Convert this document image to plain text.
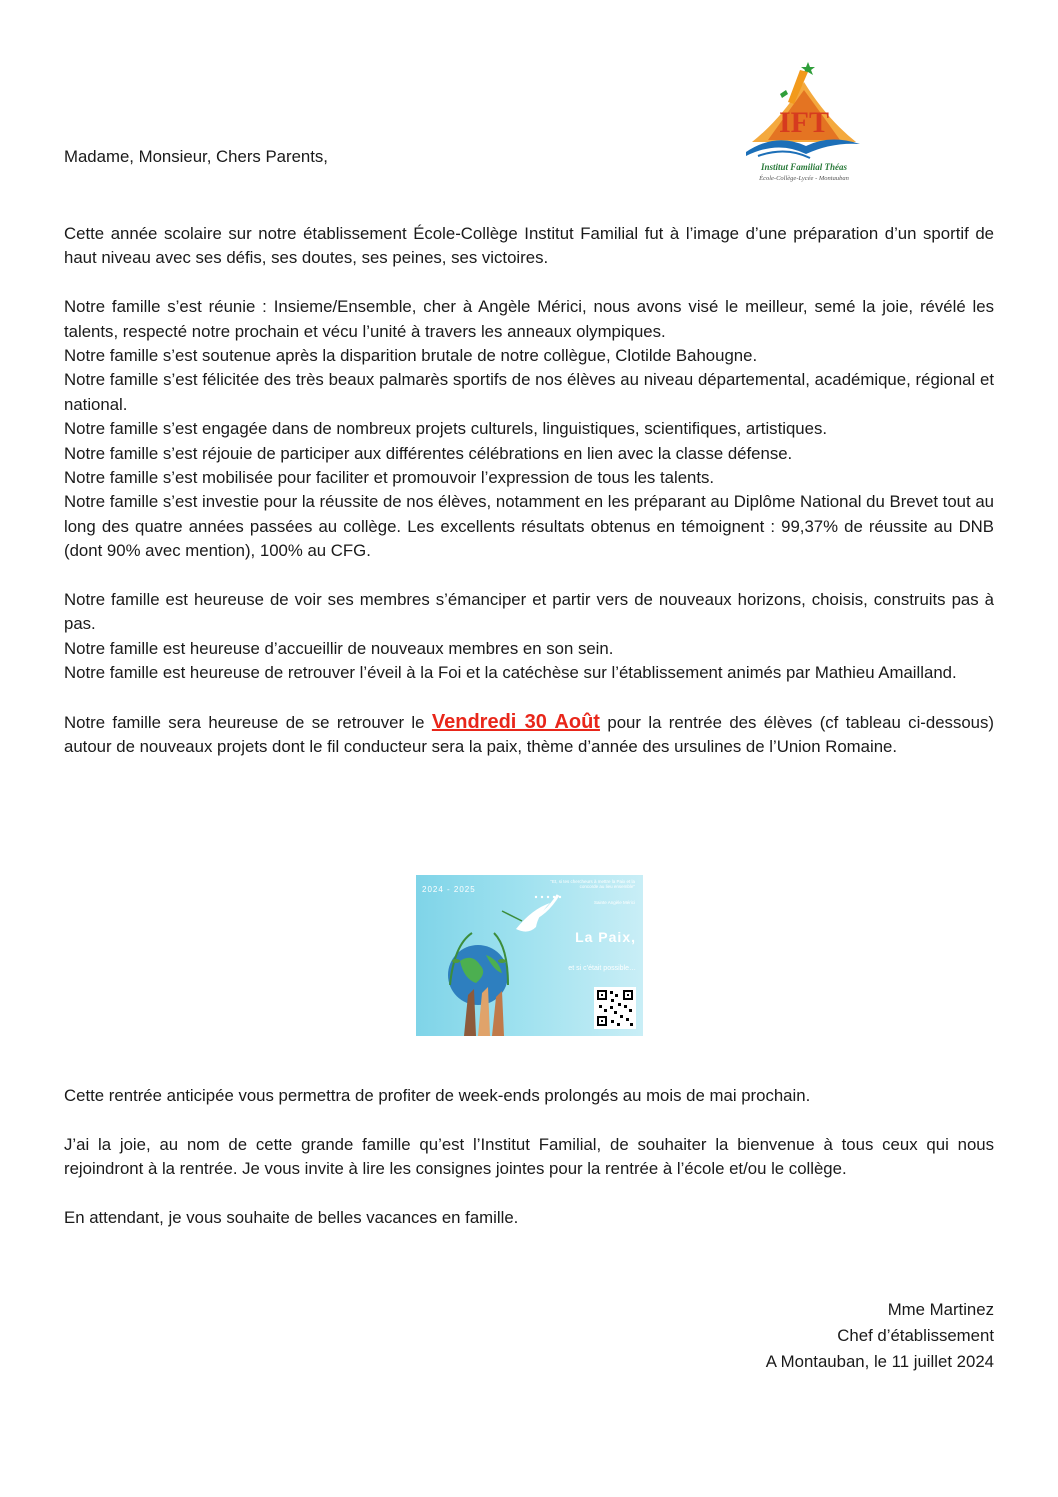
IFT
Institut Familial Théas
École-Collège-Lycée - Montauban

Madame, Monsieur, Chers Parents,

Cette année scolaire sur notre établissement École-Collège Institut Familial fut à l’image d’une préparation d’un sportif de haut niveau avec ses défis, ses doutes, ses peines, ses victoires.

Notre famille s’est réunie : Insieme/Ensemble, cher à Angèle Mérici, nous avons visé le meilleur, semé la joie, révélé les talents, respecté notre prochain et vécu l’unité à travers les anneaux olympiques.

Notre famille s’est soutenue après la disparition brutale de notre collègue, Clotilde Bahougne.

Notre famille s’est félicitée des très beaux palmarès sportifs de nos élèves au niveau départemental, académique, régional et national.

Notre famille s’est engagée dans de nombreux projets culturels, linguistiques, scientifiques, artistiques.

Notre famille s’est réjouie de participer aux différentes célébrations en lien avec la classe défense.

Notre famille s’est mobilisée pour faciliter et promouvoir l’expression de tous les talents.

Notre famille s’est investie pour la réussite de nos élèves, notamment en les préparant au Diplôme National du Brevet tout au long des quatre années passées au collège. Les excellents résultats obtenus en témoignent : 99,37% de réussite au DNB (dont 90% avec mention), 100% au CFG.

Notre famille est heureuse de voir ses membres s’émanciper et partir vers de nouveaux horizons, choisis, construits pas à pas.

Notre famille est heureuse d’accueillir de nouveaux membres en son sein.

Notre famille est heureuse de retrouver l’éveil à la Foi et la catéchèse sur l’établissement animés par Mathieu Amailland.

Notre famille sera heureuse de se retrouver le Vendredi 30 Août pour la rentrée des élèves (cf tableau ci-dessous) autour de nouveaux projets dont le fil conducteur sera la paix, thème d’année des ursulines de l’Union Romaine.

2024 - 2025
"Et, si tes chercheurs à mettre la Paix et la concorde au lieu ensemble"
Sainte Angèle Mérici
La Paix,
et si c’était possible…

Cette rentrée anticipée vous permettra de profiter de week-ends prolongés au mois de mai prochain.

J’ai la joie, au nom de cette grande famille qu’est l’Institut Familial, de souhaiter la bienvenue à tous ceux qui nous rejoindront à la rentrée. Je vous invite à lire les consignes jointes pour la rentrée à l’école et/ou le collège.

En attendant, je vous souhaite de belles vacances en famille.

Mme Martinez
Chef d’établissement
A Montauban, le 11 juillet 2024
